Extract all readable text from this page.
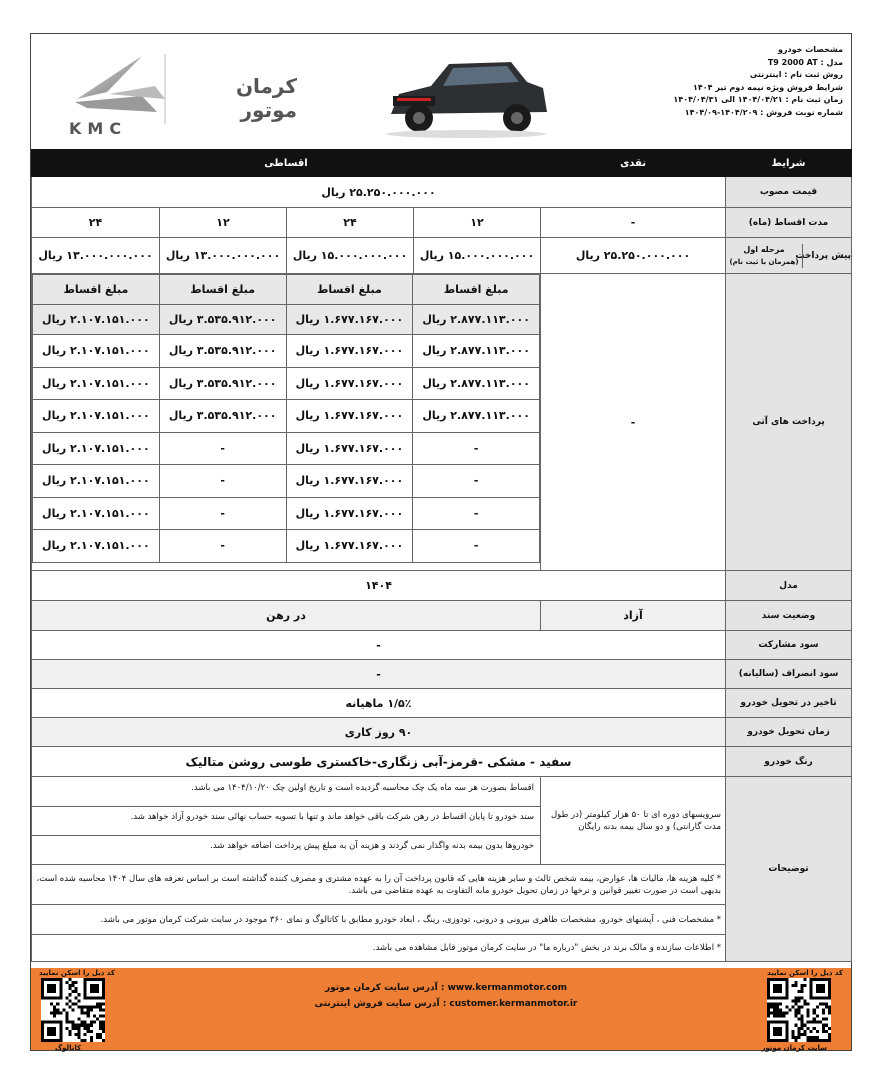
KMC
کرمان موتور
مشخصات خودرو
مدل : T9 2000 AT
روش ثبت نام : اینترنتی
شرایط فروش ویژه نیمه دوم تیر ۱۴۰۴
زمان ثبت نام : ۱۴۰۴/۰۴/۲۱ الی ۱۴۰۴/۰۴/۳۱
شماره نوبت فروش : ۱۴۰۴/۲۰۹-۱۴۰۴/۰۹
شرایط	نقدی	اقساطی
قیمت مصوب	۲۵.۲۵۰.۰۰۰.۰۰۰ ریال
مدت اقساط (ماه)	-	۱۲	۲۴	۱۲	۲۴

پیش پرداخت
مرحله اول
(همزمان با ثبت نام)
	۲۵.۲۵۰.۰۰۰.۰۰۰ ریال	۱۵.۰۰۰.۰۰۰.۰۰۰ ریال	۱۵.۰۰۰.۰۰۰.۰۰۰ ریال	۱۳.۰۰۰.۰۰۰.۰۰۰ ریال	۱۳.۰۰۰.۰۰۰.۰۰۰ ریال
پرداخت های آتی	-	
مبلغ اقساط	مبلغ اقساط	مبلغ اقساط	مبلغ اقساط
۲.۸۷۷.۱۱۳.۰۰۰ ریال	۱.۶۷۷.۱۶۷.۰۰۰ ریال	۳.۵۳۵.۹۱۲.۰۰۰ ریال	۲.۱۰۷.۱۵۱.۰۰۰ ریال
۲.۸۷۷.۱۱۳.۰۰۰ ریال	۱.۶۷۷.۱۶۷.۰۰۰ ریال	۳.۵۳۵.۹۱۲.۰۰۰ ریال	۲.۱۰۷.۱۵۱.۰۰۰ ریال
۲.۸۷۷.۱۱۳.۰۰۰ ریال	۱.۶۷۷.۱۶۷.۰۰۰ ریال	۳.۵۳۵.۹۱۲.۰۰۰ ریال	۲.۱۰۷.۱۵۱.۰۰۰ ریال
۲.۸۷۷.۱۱۳.۰۰۰ ریال	۱.۶۷۷.۱۶۷.۰۰۰ ریال	۳.۵۳۵.۹۱۲.۰۰۰ ریال	۲.۱۰۷.۱۵۱.۰۰۰ ریال
-	۱.۶۷۷.۱۶۷.۰۰۰ ریال	-	۲.۱۰۷.۱۵۱.۰۰۰ ریال
-	۱.۶۷۷.۱۶۷.۰۰۰ ریال	-	۲.۱۰۷.۱۵۱.۰۰۰ ریال
-	۱.۶۷۷.۱۶۷.۰۰۰ ریال	-	۲.۱۰۷.۱۵۱.۰۰۰ ریال
-	۱.۶۷۷.۱۶۷.۰۰۰ ریال	-	۲.۱۰۷.۱۵۱.۰۰۰ ریال

مدل	۱۴۰۴
وضعیت سند	آزاد	در رهن
سود مشارکت	-
سود انصراف (سالیانه)	-
تاخیر در تحویل خودرو	۱/۵٪ ماهیانه
زمان تحویل خودرو	۹۰ روز کاری
رنگ خودرو	سفید - مشکی -قرمز-آبی زنگاری-خاکستری طوسی روشن متالیک
توضیحات	سرویسهای دوره ای تا ۵۰ هزار کیلومتر (در طول مدت گارانتی) و دو سال بیمه بدنه رایگان	
اقساط بصورت هر سه ماه یک چک محاسبه گردیده است و تاریخ اولین چک ۱۴۰۴/۱۰/۲۰ می باشد.
سند خودرو تا پایان اقساط در رهن شرکت باقی خواهد ماند و تنها با تسویه حساب نهائی سند خودرو آزاد خواهد شد.
خودروها بدون بیمه بدنه واگذار نمی گردند و هزینه آن به مبلغ پیش پرداخت اضافه خواهد شد.

* کلیه هزینه ها، مالیات ها، عوارض، بیمه شخص ثالث و سایر هزینه هایی که قانون پرداخت آن را به عهده مشتری و مصرف کننده گذاشته است بر اساس تعرفه های سال ۱۴۰۴ محاسبه شده است، بدیهی است در صورت تغییر قوانین و نرخها در زمان تحویل خودرو مابه التفاوت به عهده متقاضی می باشد.
* مشخصات فنی ، آپشنهای خودرو، مشخصات ظاهری بیرونی و درونی، تودوزی، رینگ ، ابعاد خودرو مطابق با کاتالوگ و نمای ۳۶۰ موجود در سایت شرکت کرمان موتور می باشد.
* اطلاعات سازنده و مالک برند در بخش "درباره ما" در سایت کرمان موتور قابل مشاهده می باشد.
کد ذیل را اسکن نمایید
کاتالوگ
www.kermanmotor.com : آدرس سایت کرمان موتور
customer.kermanmotor.ir : آدرس سایت فروش اینترنتی
کد ذیل را اسکن نمایید
سایت کرمان موتور
